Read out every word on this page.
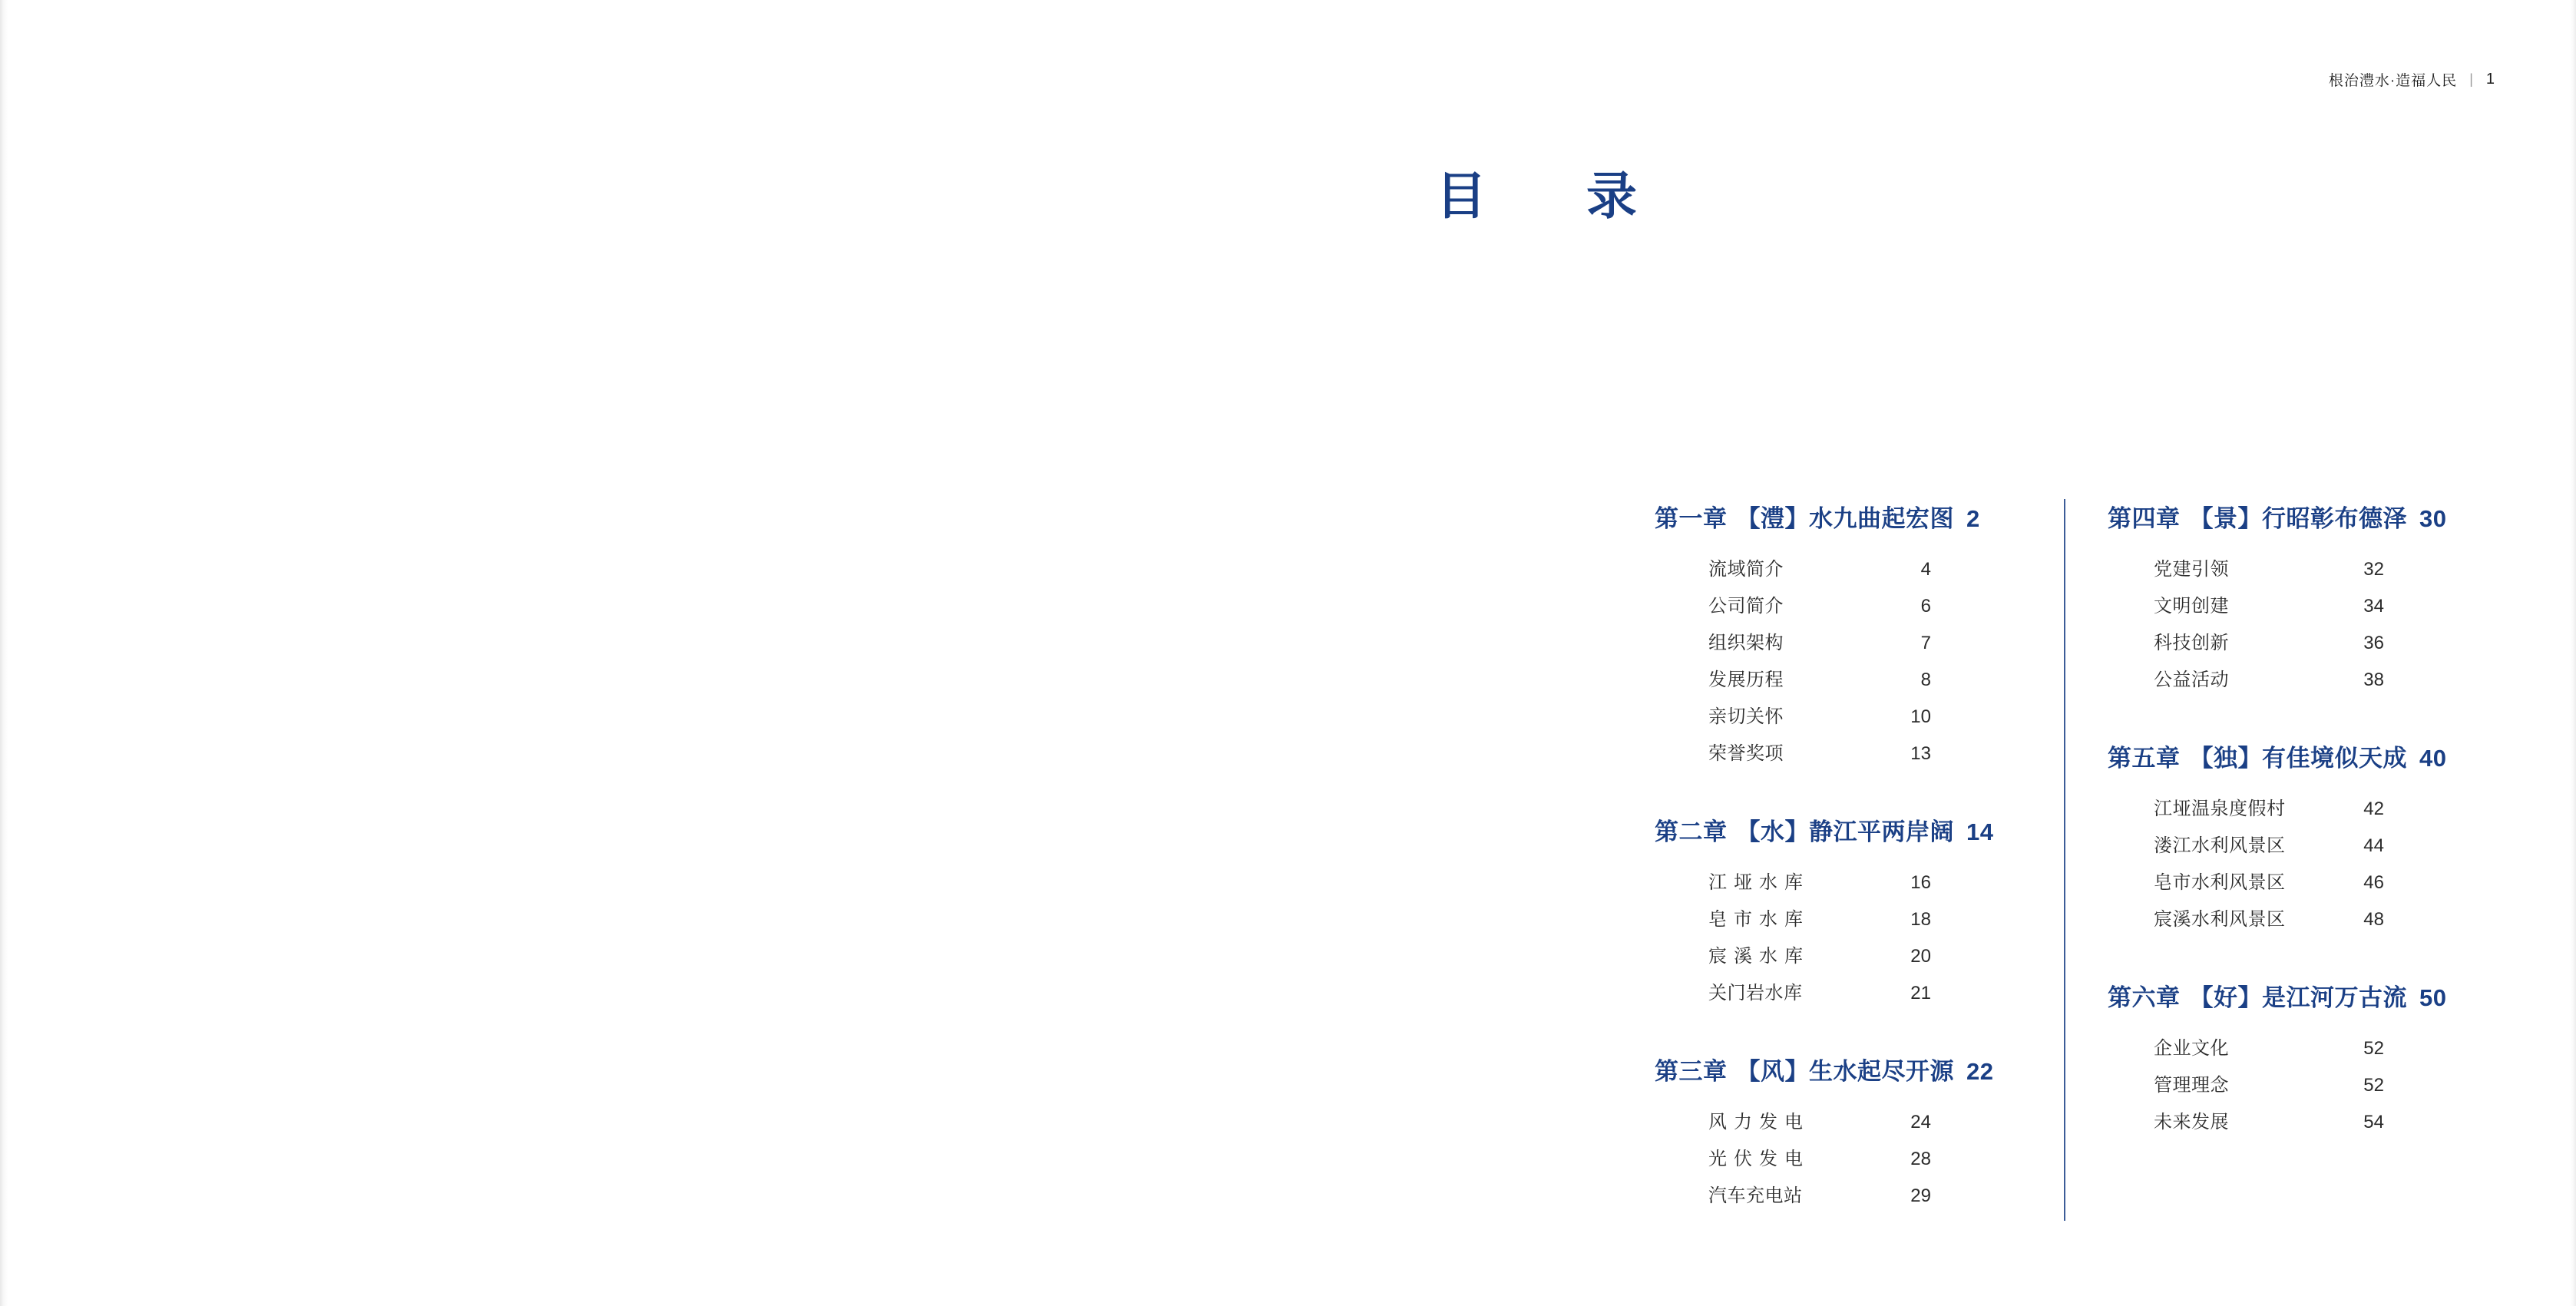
根治澧水·造福人民 | 1
目　录
第一章 【澧】水九曲起宏图 2
流域简介	4
公司简介	6
组织架构	7
发展历程	8
亲切关怀	10
荣誉奖项	13
第二章 【水】静江平两岸阔 14
江垭水库	16
皂市水库	18
宸溪水库	20
关门岩水库	21
第三章 【风】生水起尽开源 22
风力发电	24
光伏发电	28
汽车充电站	29
第四章 【景】行昭彰布德泽 30
党建引领	32
文明创建	34
科技创新	36
公益活动	38
第五章 【独】有佳境似天成 40
江垭温泉度假村	42
溇江水利风景区	44
皂市水利风景区	46
宸溪水利风景区	48
第六章 【好】是江河万古流 50
企业文化	52
管理理念	52
未来发展	54
